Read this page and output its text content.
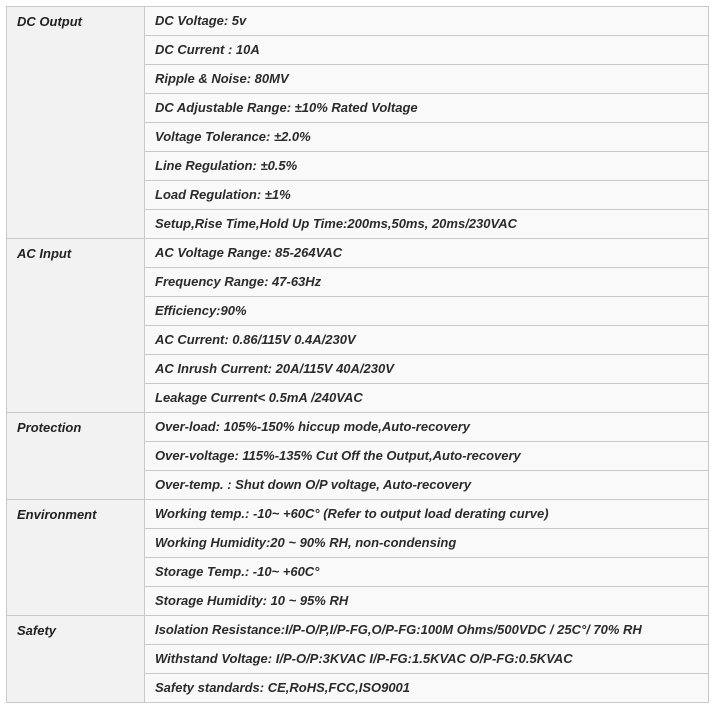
DC Output	DC Voltage: 5v
	DC Current : 10A
	Ripple & Noise: 80MV
	DC Adjustable Range: ±10% Rated Voltage
	Voltage Tolerance: ±2.0%
	Line Regulation: ±0.5%
	Load Regulation: ±1%
	Setup,Rise Time,Hold Up Time:200ms,50ms, 20ms/230VAC
AC Input	AC Voltage Range: 85-264VAC
	Frequency Range: 47-63Hz
	Efficiency:90%
	AC Current: 0.86/115V 0.4A/230V
	AC Inrush Current: 20A/115V 40A/230V
	Leakage Current< 0.5mA /240VAC
Protection	Over-load: 105%-150% hiccup mode,Auto-recovery
	Over-voltage: 115%-135% Cut Off the Output,Auto-recovery
	Over-temp. : Shut down O/P voltage, Auto-recovery
Environment	Working temp.: -10~ +60C° (Refer to output load derating curve)
	Working Humidity:20 ~ 90% RH, non-condensing
	Storage Temp.: -10~ +60C°
	Storage Humidity: 10 ~ 95% RH
Safety	Isolation Resistance:I/P-O/P,I/P-FG,O/P-FG:100M Ohms/500VDC / 25C°/ 70% RH
	Withstand Voltage: I/P-O/P:3KVAC I/P-FG:1.5KVAC O/P-FG:0.5KVAC
	Safety standards: CE,RoHS,FCC,ISO9001
